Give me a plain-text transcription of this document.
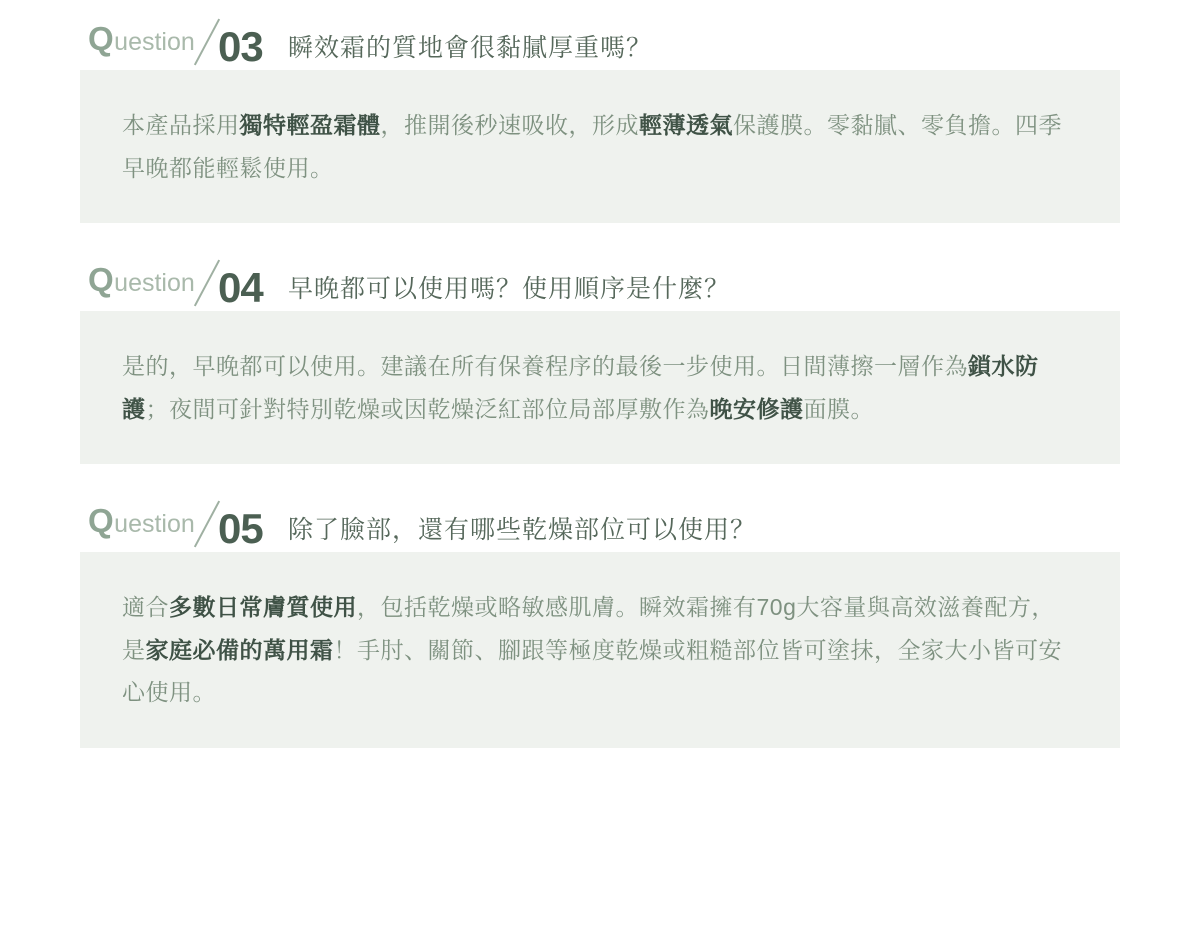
Question 03 瞬效霜的質地會很黏膩厚重嗎？
本產品採用獨特輕盈霜體，推開後秒速吸收，形成輕薄透氣保護膜。零黏膩、零負擔。四季早晚都能輕鬆使用。
Question 04 早晚都可以使用嗎？使用順序是什麼？
是的，早晚都可以使用。建議在所有保養程序的最後一步使用。日間薄擦一層作為鎖水防護；夜間可針對特別乾燥或因乾燥泛紅部位局部厚敷作為晚安修護面膜。
Question 05 除了臉部，還有哪些乾燥部位可以使用？
適合多數日常膚質使用，包括乾燥或略敏感肌膚。瞬效霜擁有70g大容量與高效滋養配方，是家庭必備的萬用霜！手肘、關節、腳跟等極度乾燥或粗糙部位皆可塗抹，全家大小皆可安心使用。
